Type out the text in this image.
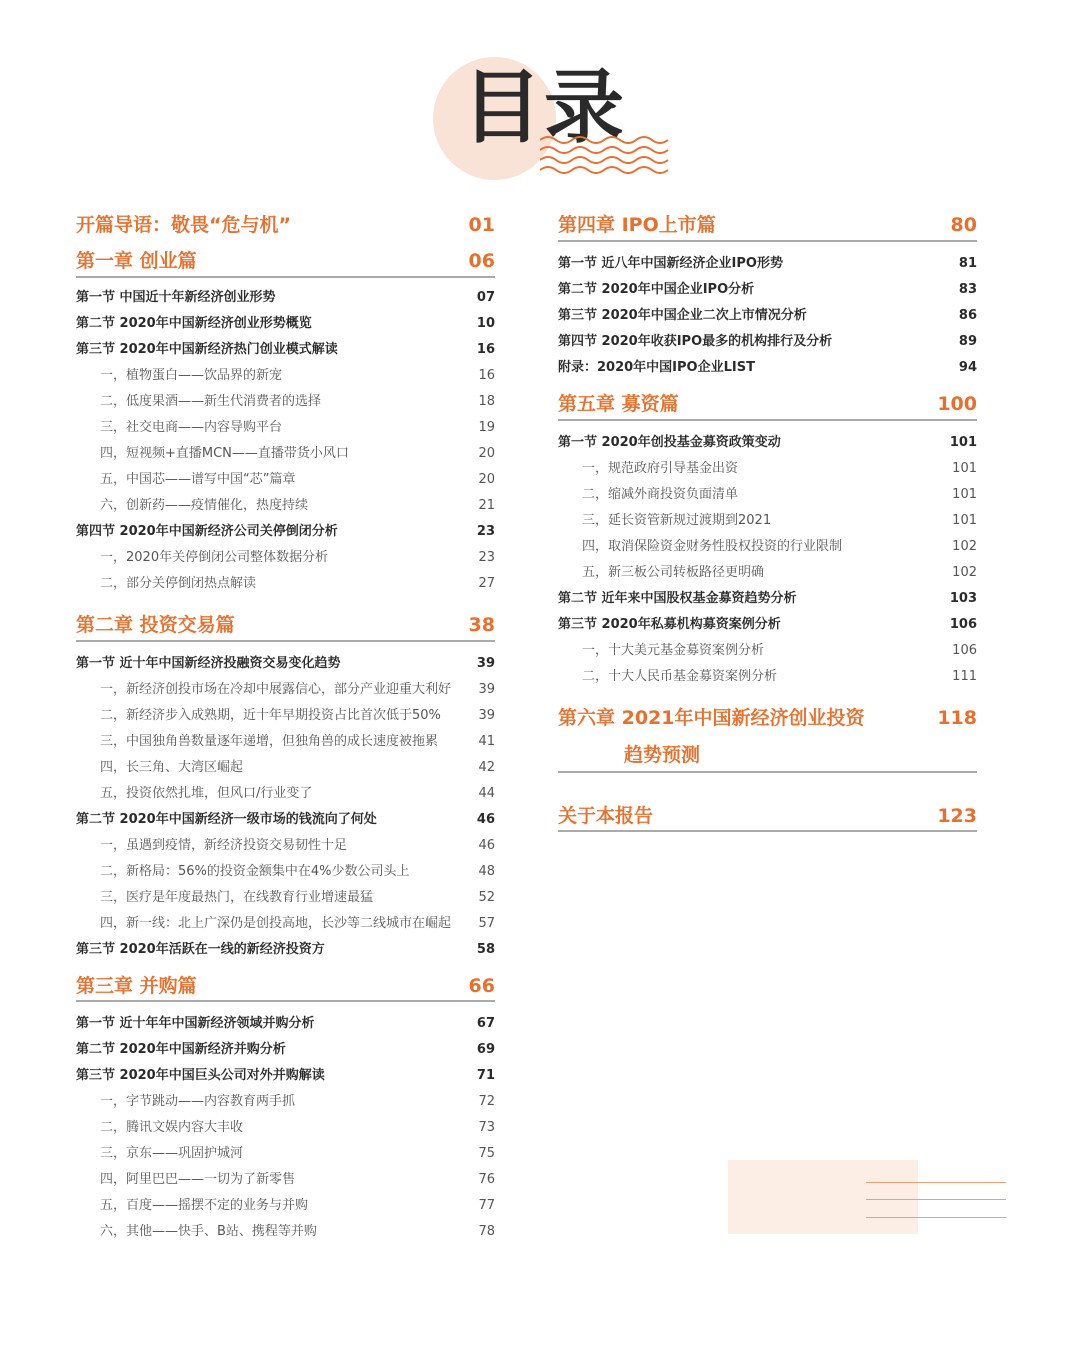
目录
开篇导语：敬畏“危与机”	01
第一章 创业篇	06
第一节 中国近十年新经济创业形势	07
第二节 2020年中国新经济创业形势概览	10
第三节 2020年中国新经济热门创业模式解读	16
一，植物蛋白——饮品界的新宠	16
二，低度果酒——新生代消费者的选择	18
三，社交电商——内容导购平台	19
四，短视频+直播MCN——直播带货小风口	20
五，中国芯——谱写中国“芯”篇章	20
六，创新药——疫情催化，热度持续	21
第四节 2020年中国新经济公司关停倒闭分析	23
一，2020年关停倒闭公司整体数据分析	23
二，部分关停倒闭热点解读	27
第二章 投资交易篇	38
第一节 近十年中国新经济投融资交易变化趋势	39
一，新经济创投市场在冷却中展露信心，部分产业迎重大利好 39
二，新经济步入成熟期，近十年早期投资占比首次低于50%	39
三，中国独角兽数量逐年递增，但独角兽的成长速度被拖累	41
四，长三角、大湾区崛起	42
五，投资依然扎堆，但风口/行业变了	44
第二节 2020年中国新经济一级市场的钱流向了何处	46
一，虽遇到疫情，新经济投资交易韧性十足	46
二，新格局：56%的投资金额集中在4%少数公司头上	48
三，医疗是年度最热门，在线教育行业增速最猛	52
四，新一线：北上广深仍是创投高地，长沙等二线城市在崛起 57
第三节 2020年活跃在一线的新经济投资方	58
第三章 并购篇	66
第一节 近十年年中国新经济领域并购分析	67
第二节 2020年中国新经济并购分析	69
第三节 2020年中国巨头公司对外并购解读	71
一，字节跳动——内容教育两手抓	72
二，腾讯文娱内容大丰收	73
三，京东——巩固护城河	75
四，阿里巴巴——一切为了新零售	76
五，百度——摇摆不定的业务与并购	77
六，其他——快手、B站、携程等并购	78
第四章 IPO上市篇	80
第一节 近八年中国新经济企业IPO形势	81
第二节 2020年中国企业IPO分析	83
第三节 2020年中国企业二次上市情况分析	86
第四节 2020年收获IPO最多的机构排行及分析	89
附录：2020年中国IPO企业LIST	94
第五章 募资篇	100
第一节 2020年创投基金募资政策变动	101
一，规范政府引导基金出资	101
二，缩减外商投资负面清单	101
三，延长资管新规过渡期到2021	101
四，取消保险资金财务性股权投资的行业限制	102
五，新三板公司转板路径更明确	102
第二节 近年来中国股权基金募资趋势分析	103
第三节 2020年私募机构募资案例分析	106
一，十大美元基金募资案例分析	106
二，十大人民币基金募资案例分析	111
第六章 2021年中国新经济创业投资	118
趋势预测
关于本报告	123
